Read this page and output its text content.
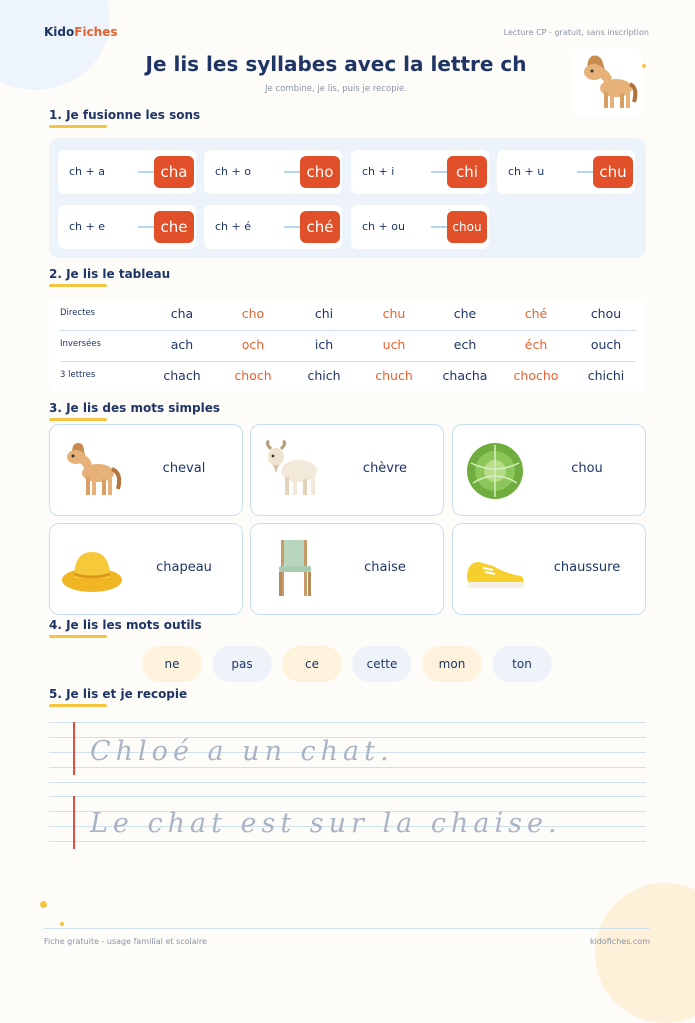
KidoFiches	Lecture CP - gratuit, sans inscription
Je lis les syllabes avec la lettre ch
Je combine, je lis, puis je recopie.
1. Je fusionne les sons
ch + a	cha	ch + o	cho	ch + i	chi	ch + u	chu
ch + e	che	ch + é	ché	ch + ou	chou
2. Je lis le tableau
Directes	cha	cho	chi	chu	che	ché	chou
Inversées	ach	och	ich	uch	ech	éch	ouch
3 lettres	chach	choch	chich	chuch	chacha	chocho	chichi
3. Je lis des mots simples
cheval	chèvre	chou
chapeau	chaise	chaussure
4. Je lis les mots outils
ne	pas	ce	cette	mon	ton
5. Je lis et je recopie
Chloé a un chat.
Le chat est sur la chaise.
Fiche gratuite - usage familial et scolaire	kidofiches.com
